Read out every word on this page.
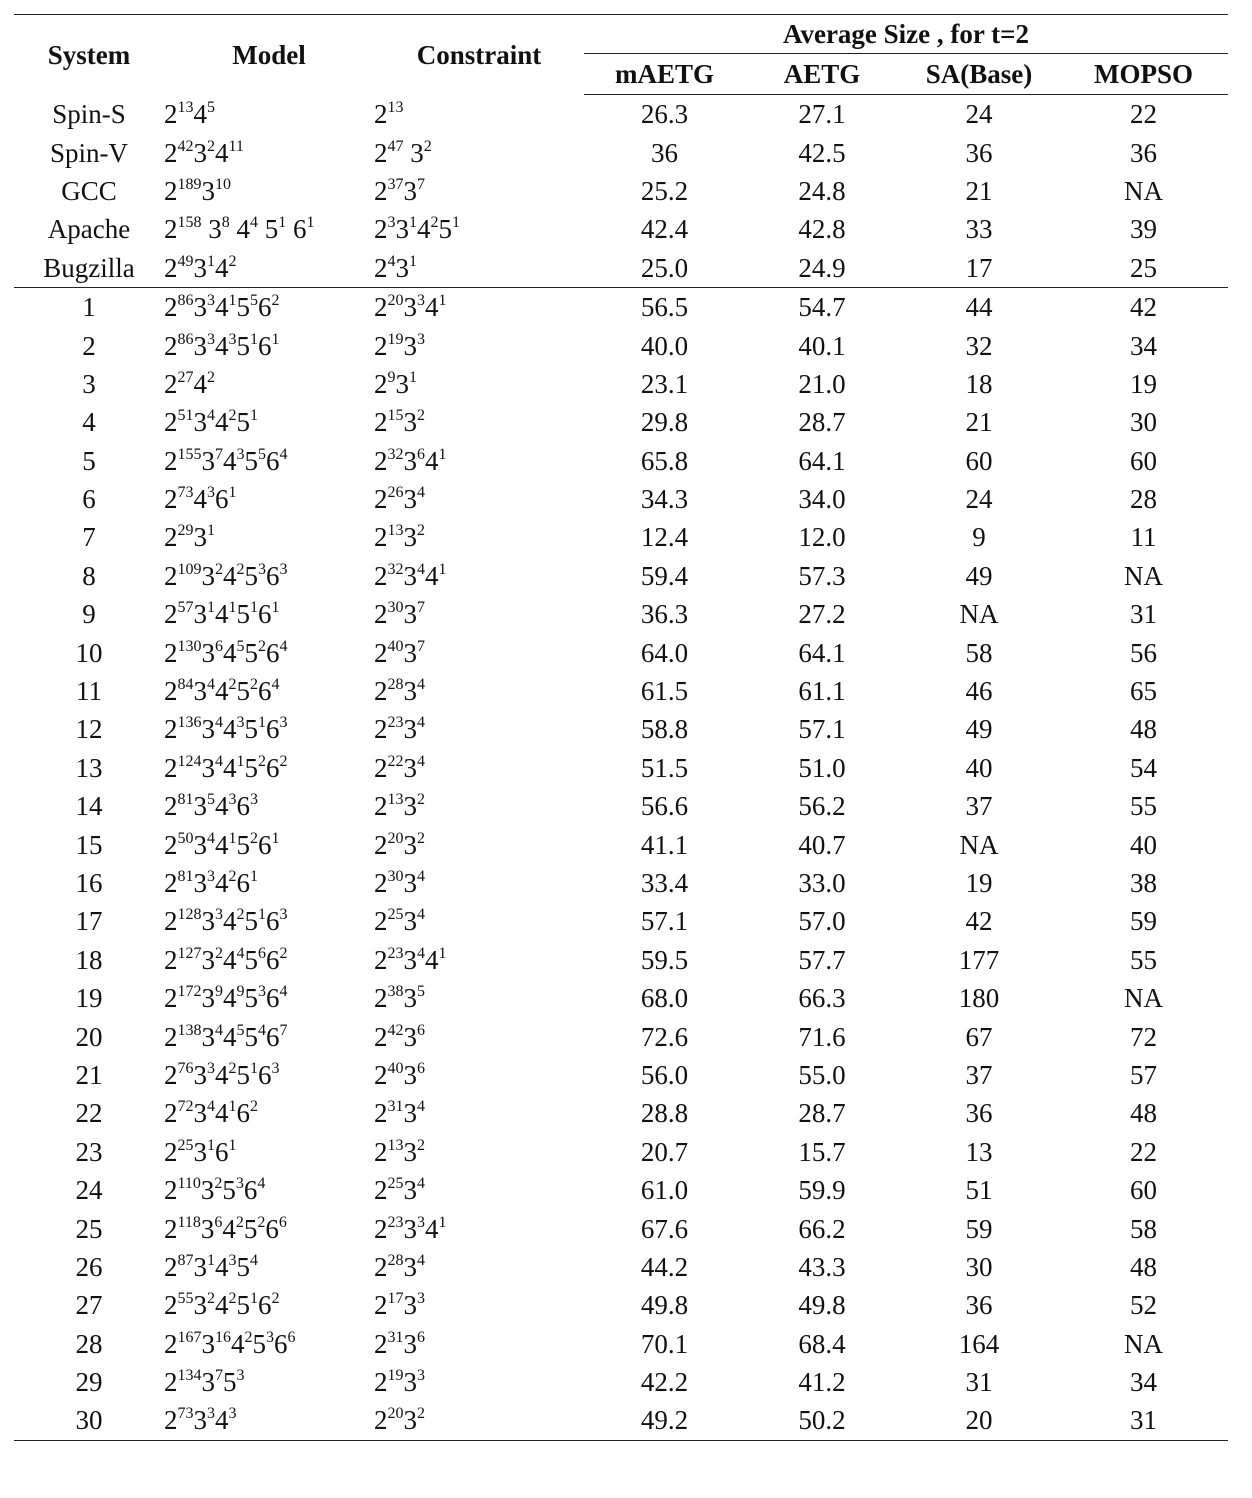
System	Model	Constraint	Average Size , for t=2			
			mAETG	AETG	SA(Base)	MOPSO
Spin-S	$2^{13}4^5$	$2^{13}$	26.3	27.1	24	22
Spin-V	$2^{42}3^24^{11}$	$2^{47}$ $3^2$	36	42.5	36	36
GCC	$2^{189}3^{10}$	$2^{37}3^7$	25.2	24.8	21	NA
Apache	$2^{158}$ $3^8$ $4^4$ $5^1$ $6^1$	$2^33^14^25^1$	42.4	42.8	33	39
Bugzilla	$2^{49}3^14^2$	$2^43^1$	25.0	24.9	17	25
1	$2^{86}3^34^15^56^2$	$2^{20}3^34^1$	56.5	54.7	44	42
2	$2^{86}3^34^35^16^1$	$2^{19}3^3$	40.0	40.1	32	34
3	$2^{27}4^2$	$2^93^1$	23.1	21.0	18	19
4	$2^{51}3^44^25^1$	$2^{15}3^2$	29.8	28.7	21	30
5	$2^{155}3^74^35^56^4$	$2^{32}3^64^1$	65.8	64.1	60	60
6	$2^{73}4^36^1$	$2^{26}3^4$	34.3	34.0	24	28
7	$2^{29}3^1$	$2^{13}3^2$	12.4	12.0	9	11
8	$2^{109}3^24^25^36^3$	$2^{32}3^44^1$	59.4	57.3	49	NA
9	$2^{57}3^14^15^16^1$	$2^{30}3^7$	36.3	27.2	NA	31
10	$2^{130}3^64^55^26^4$	$2^{40}3^7$	64.0	64.1	58	56
11	$2^{84}3^44^25^26^4$	$2^{28}3^4$	61.5	61.1	46	65
12	$2^{136}3^44^35^16^3$	$2^{23}3^4$	58.8	57.1	49	48
13	$2^{124}3^44^15^26^2$	$2^{22}3^4$	51.5	51.0	40	54
14	$2^{81}3^54^36^3$	$2^{13}3^2$	56.6	56.2	37	55
15	$2^{50}3^44^15^26^1$	$2^{20}3^2$	41.1	40.7	NA	40
16	$2^{81}3^34^26^1$	$2^{30}3^4$	33.4	33.0	19	38
17	$2^{128}3^34^25^16^3$	$2^{25}3^4$	57.1	57.0	42	59
18	$2^{127}3^24^45^66^2$	$2^{23}3^44^1$	59.5	57.7	177	55
19	$2^{172}3^94^95^36^4$	$2^{38}3^5$	68.0	66.3	180	NA
20	$2^{138}3^44^55^46^7$	$2^{42}3^6$	72.6	71.6	67	72
21	$2^{76}3^34^25^16^3$	$2^{40}3^6$	56.0	55.0	37	57
22	$2^{72}3^44^16^2$	$2^{31}3^4$	28.8	28.7	36	48
23	$2^{25}3^16^1$	$2^{13}3^2$	20.7	15.7	13	22
24	$2^{110}3^25^36^4$	$2^{25}3^4$	61.0	59.9	51	60
25	$2^{118}3^64^25^26^6$	$2^{23}3^34^1$	67.6	66.2	59	58
26	$2^{87}3^14^35^4$	$2^{28}3^4$	44.2	43.3	30	48
27	$2^{55}3^24^25^16^2$	$2^{17}3^3$	49.8	49.8	36	52
28	$2^{167}3^{16}4^25^36^6$	$2^{31}3^6$	70.1	68.4	164	NA
29	$2^{134}3^75^3$	$2^{19}3^3$	42.2	41.2	31	34
30	$2^{73}3^34^3$	$2^{20}3^2$	49.2	50.2	20	31
